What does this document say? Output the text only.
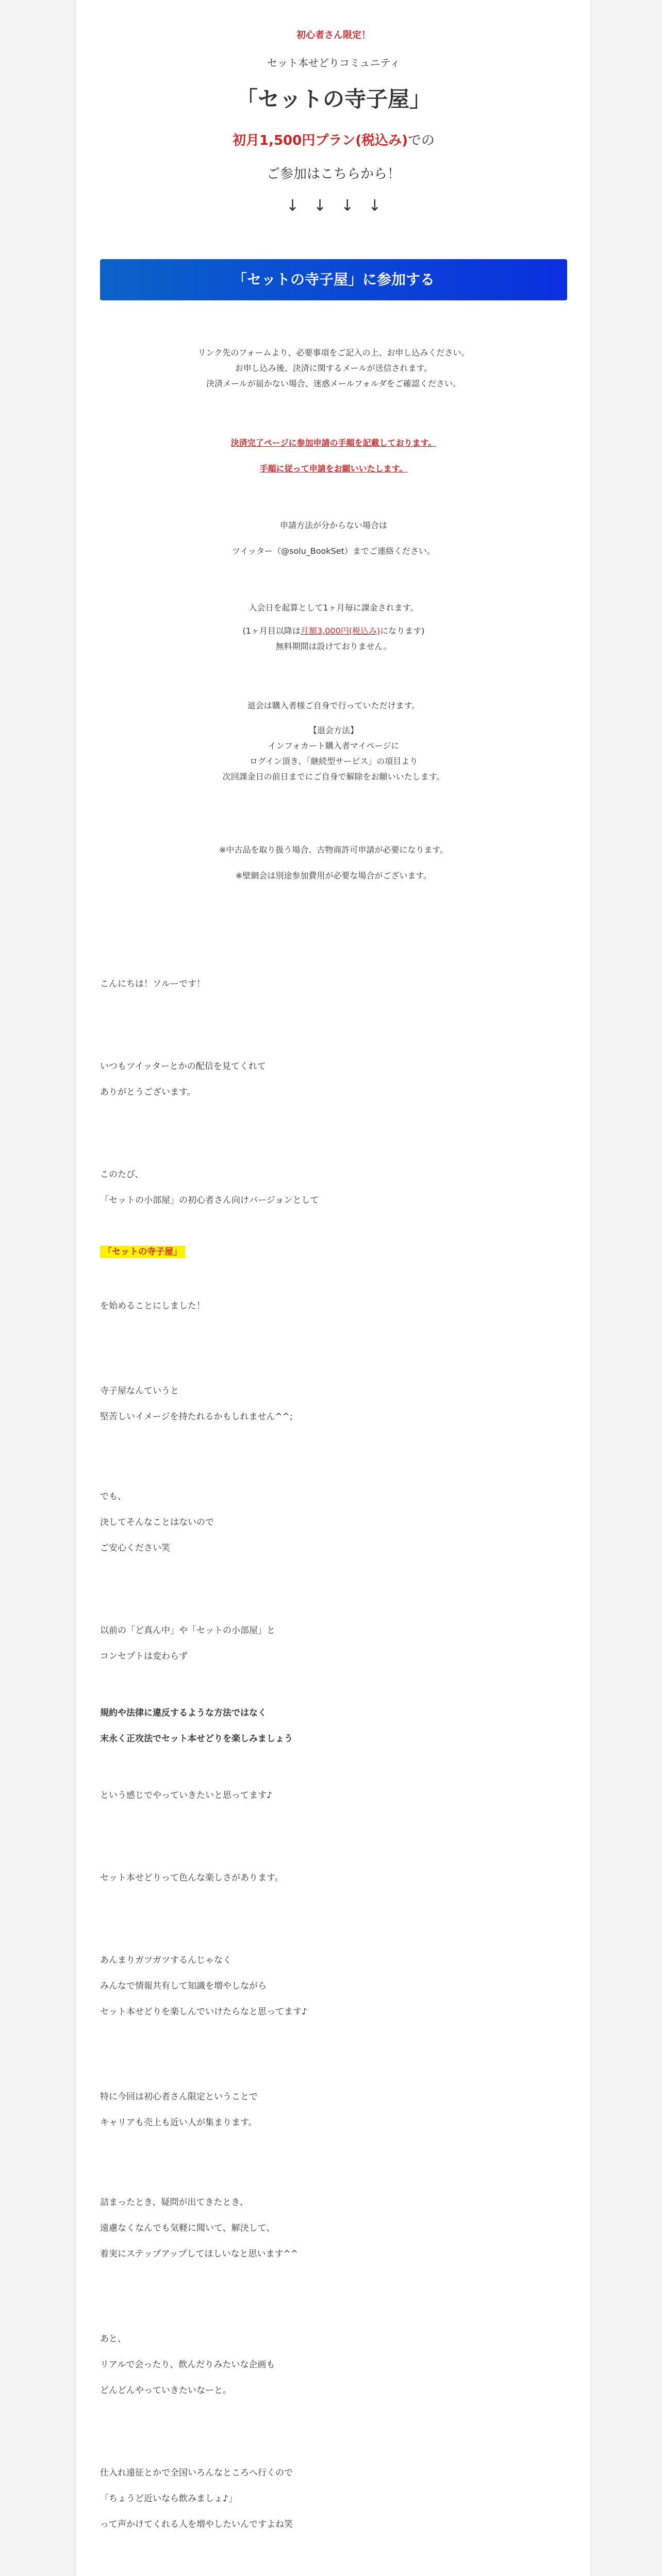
初心者さん限定！
セット本せどりコミュニティ
「セットの寺子屋」
初月1,500円プラン(税込み)での
ご参加はこちらから！
↓↓↓↓
「セットの寺子屋」に参加する
リンク先のフォームより、必要事項をご記入の上、お申し込みください。
お申し込み後、決済に関するメールが送信されます。
決済メールが届かない場合、迷惑メールフォルダをご確認ください。
決済完了ページに参加申請の手順を記載しております。
手順に従って申請をお願いいたします。
申請方法が分からない場合は
ツイッター（@solu_BookSet）までご連絡ください。
入会日を起算として1ヶ月毎に課金されます。
(1ヶ月目以降は月額3,000円(税込み)になります)
無料期間は設けておりません。
退会は購入者様ご自身で行っていただけます。
【退会方法】
インフォカート購入者マイページに
ログイン頂き、「継続型サービス」の項目より
次回課金日の前日までにご自身で解除をお願いいたします。
※中古品を取り扱う場合、古物商許可申請が必要になります。
※壁網会は別途参加費用が必要な場合がございます。
こんにちは！ソルーです！
いつもツイッターとかの配信を見てくれて
ありがとうございます。
このたび、
「セットの小部屋」の初心者さん向けバージョンとして
「セットの寺子屋」
を始めることにしました！
寺子屋なんていうと
堅苦しいイメージを持たれるかもしれません^^;
でも、
決してそんなことはないので
ご安心ください笑
以前の「ど真ん中」や「セットの小部屋」と
コンセプトは変わらず
規約や法律に違反するような方法ではなく
末永く正攻法でセット本せどりを楽しみましょう
という感じでやっていきたいと思ってます♪
セット本せどりって色んな楽しさがあります。
あんまりガツガツするんじゃなく
みんなで情報共有して知識を増やしながら
セット本せどりを楽しんでいけたらなと思ってます♪
特に今回は初心者さん限定ということで
キャリアも売上も近い人が集まります。
詰まったとき、疑問が出てきたとき、
遠慮なくなんでも気軽に聞いて、解決して、
着実にステップアップしてほしいなと思います^^
あと、
リアルで会ったり、飲んだりみたいな企画も
どんどんやっていきたいなーと。
仕入れ遠征とかで全国いろんなところへ行くので
「ちょうど近いなら飲みましょ♪」
って声かけてくれる人を増やしたいんですよね笑
